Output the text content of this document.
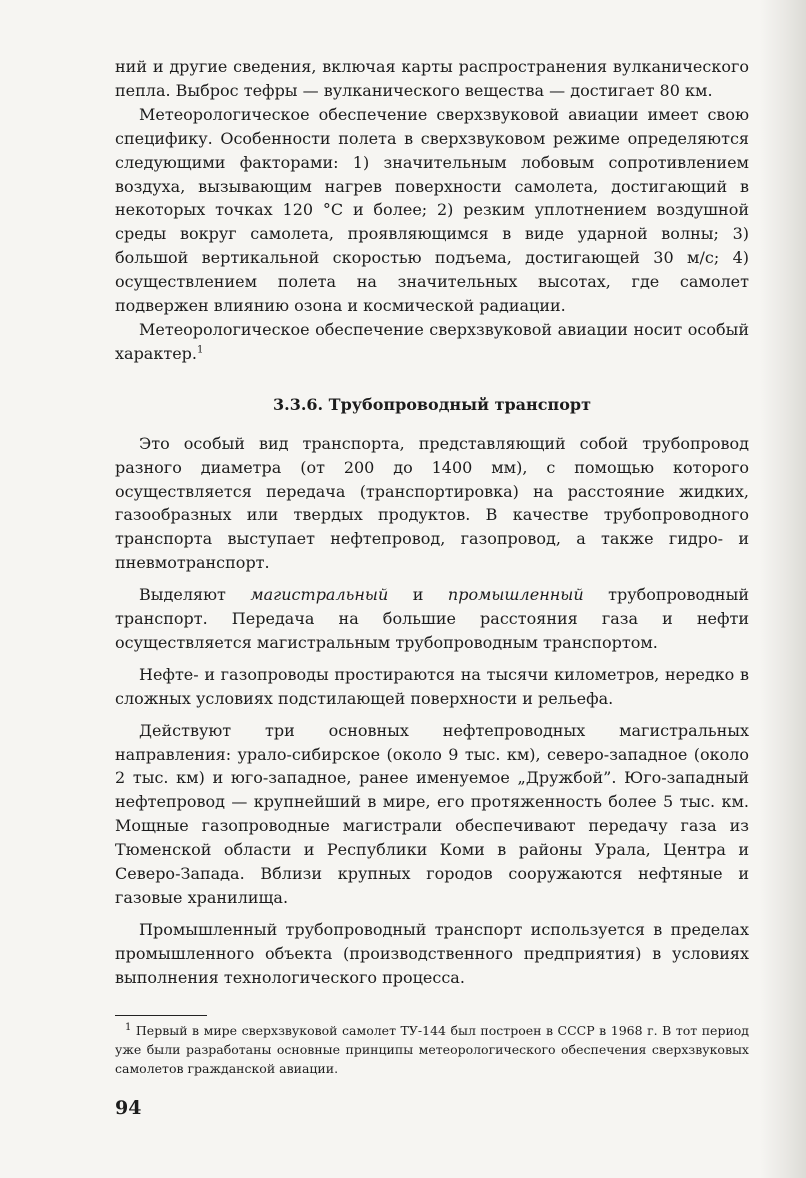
ний и другие сведения, включая карты распространения вулканического пепла. Выброс тефры — вулканического вещества — достигает 80 км.

Метеорологическое обеспечение сверхзвуковой авиации имеет свою специфику. Особенности полета в сверхзвуковом режиме определяются следующими факторами: 1) значительным лобовым сопротивлением воздуха, вызывающим нагрев поверхности самолета, достигающий в некоторых точках 120 °С и более; 2) резким уплотнением воздушной среды вокруг самолета, проявляющимся в виде ударной волны; 3) большой вертикальной скоростью подъема, достигающей 30 м/с; 4) осуществлением полета на значительных высотах, где самолет подвержен влиянию озона и космической радиации.

Метеорологическое обеспечение сверхзвуковой авиации носит особый характер.$^1$

3.3.6. Трубопроводный транспорт

Это особый вид транспорта, представляющий собой трубопровод разного диаметра (от 200 до 1400 мм), с помощью которого осуществляется передача (транспортировка) на расстояние жидких, газообразных или твердых продуктов. В качестве трубопроводного транспорта выступает нефтепровод, газопровод, а также гидро- и пневмотранспорт.

Выделяют магистральный и промышленный трубопроводный транспорт. Передача на большие расстояния газа и нефти осуществляется магистральным трубопроводным транспортом.

Нефте- и газопроводы простираются на тысячи километров, нередко в сложных условиях подстилающей поверхности и рельефа.

Действуют три основных нефтепроводных магистральных направления: урало-сибирское (около 9 тыс. км), северо-западное (около 2 тыс. км) и юго-западное, ранее именуемое „Дружбой”. Юго-западный нефтепровод — крупнейший в мире, его протяженность более 5 тыс. км. Мощные газопроводные магистрали обеспечивают передачу газа из Тюменской области и Республики Коми в районы Урала, Центра и Северо-Запада. Вблизи крупных городов сооружаются нефтяные и газовые хранилища.

Промышленный трубопроводный транспорт используется в пределах промышленного объекта (производственного предприятия) в условиях выполнения технологического процесса.

$^1$ Первый в мире сверхзвуковой самолет ТУ-144 был построен в СССР в 1968 г. В тот период уже были разработаны основные принципы метеорологического обеспечения сверхзвуковых самолетов гражданской авиации.

94
